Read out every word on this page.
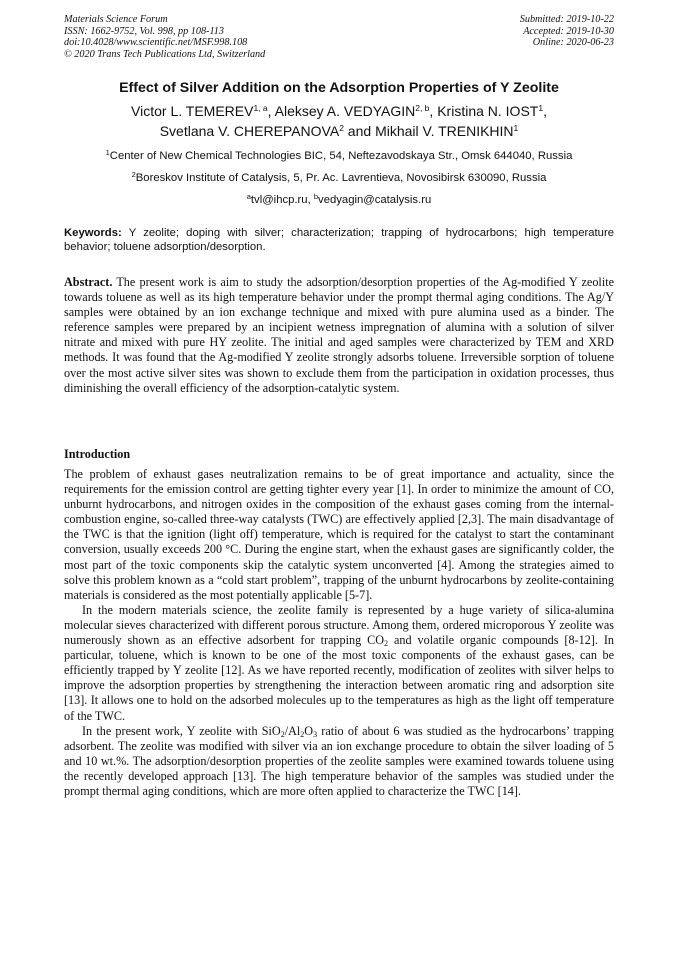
Materials Science Forum
ISSN: 1662-9752, Vol. 998, pp 108-113
doi:10.4028/www.scientific.net/MSF.998.108
© 2020 Trans Tech Publications Ltd, Switzerland
Submitted: 2019-10-22
Accepted: 2019-10-30
Online: 2020-06-23
Effect of Silver Addition on the Adsorption Properties of Y Zeolite
Victor L. TEMEREV$^{1, a}$, Aleksey A. VEDYAGIN$^{2, b}$, Kristina N. IOST$^1$,
Svetlana V. CHEREPANOVA$^2$ and Mikhail V. TRENIKHIN$^1$
$^1$Center of New Chemical Technologies BIC, 54, Neftezavodskaya Str., Omsk 644040, Russia
$^2$Boreskov Institute of Catalysis, 5, Pr. Ac. Lavrentieva, Novosibirsk 630090, Russia
$^a$tvl@ihcp.ru, $^b$vedyagin@catalysis.ru
Keywords: Y zeolite; doping with silver; characterization; trapping of hydrocarbons; high temperature behavior; toluene adsorption/desorption.
Abstract. The present work is aim to study the adsorption/desorption properties of the Ag-modified Y zeolite towards toluene as well as its high temperature behavior under the prompt thermal aging conditions. The Ag/Y samples were obtained by an ion exchange technique and mixed with pure alumina used as a binder. The reference samples were prepared by an incipient wetness impregnation of alumina with a solution of silver nitrate and mixed with pure HY zeolite. The initial and aged samples were characterized by TEM and XRD methods. It was found that the Ag-modified Y zeolite strongly adsorbs toluene. Irreversible sorption of toluene over the most active silver sites was shown to exclude them from the participation in oxidation processes, thus diminishing the overall efficiency of the adsorption-catalytic system.
Introduction

The problem of exhaust gases neutralization remains to be of great importance and actuality, since the requirements for the emission control are getting tighter every year [1]. In order to minimize the amount of CO, unburnt hydrocarbons, and nitrogen oxides in the composition of the exhaust gases coming from the internal-combustion engine, so-called three-way catalysts (TWC) are effectively applied [2,3]. The main disadvantage of the TWC is that the ignition (light off) temperature, which is required for the catalyst to start the contaminant conversion, usually exceeds 200 °C. During the engine start, when the exhaust gases are significantly colder, the most part of the toxic components skip the catalytic system unconverted [4]. Among the strategies aimed to solve this problem known as a “cold start problem”, trapping of the unburnt hydrocarbons by zeolite-containing materials is considered as the most potentially applicable [5-7].

In the modern materials science, the zeolite family is represented by a huge variety of silica-alumina molecular sieves characterized with different porous structure. Among them, ordered microporous Y zeolite was numerously shown as an effective adsorbent for trapping $CO_2$ and volatile organic compounds [8-12]. In particular, toluene, which is known to be one of the most toxic components of the exhaust gases, can be efficiently trapped by Y zeolite [12]. As we have reported recently, modification of zeolites with silver helps to improve the adsorption properties by strengthening the interaction between aromatic ring and adsorption site [13]. It allows one to hold on the adsorbed molecules up to the temperatures as high as the light off temperature of the TWC.

In the present work, Y zeolite with $SiO_2/Al_2O_3$ ratio of about 6 was studied as the hydrocarbons’ trapping adsorbent. The zeolite was modified with silver via an ion exchange procedure to obtain the silver loading of 5 and 10 wt.%. The adsorption/desorption properties of the zeolite samples were examined towards toluene using the recently developed approach [13]. The high temperature behavior of the samples was studied under the prompt thermal aging conditions, which are more often applied to characterize the TWC [14].
